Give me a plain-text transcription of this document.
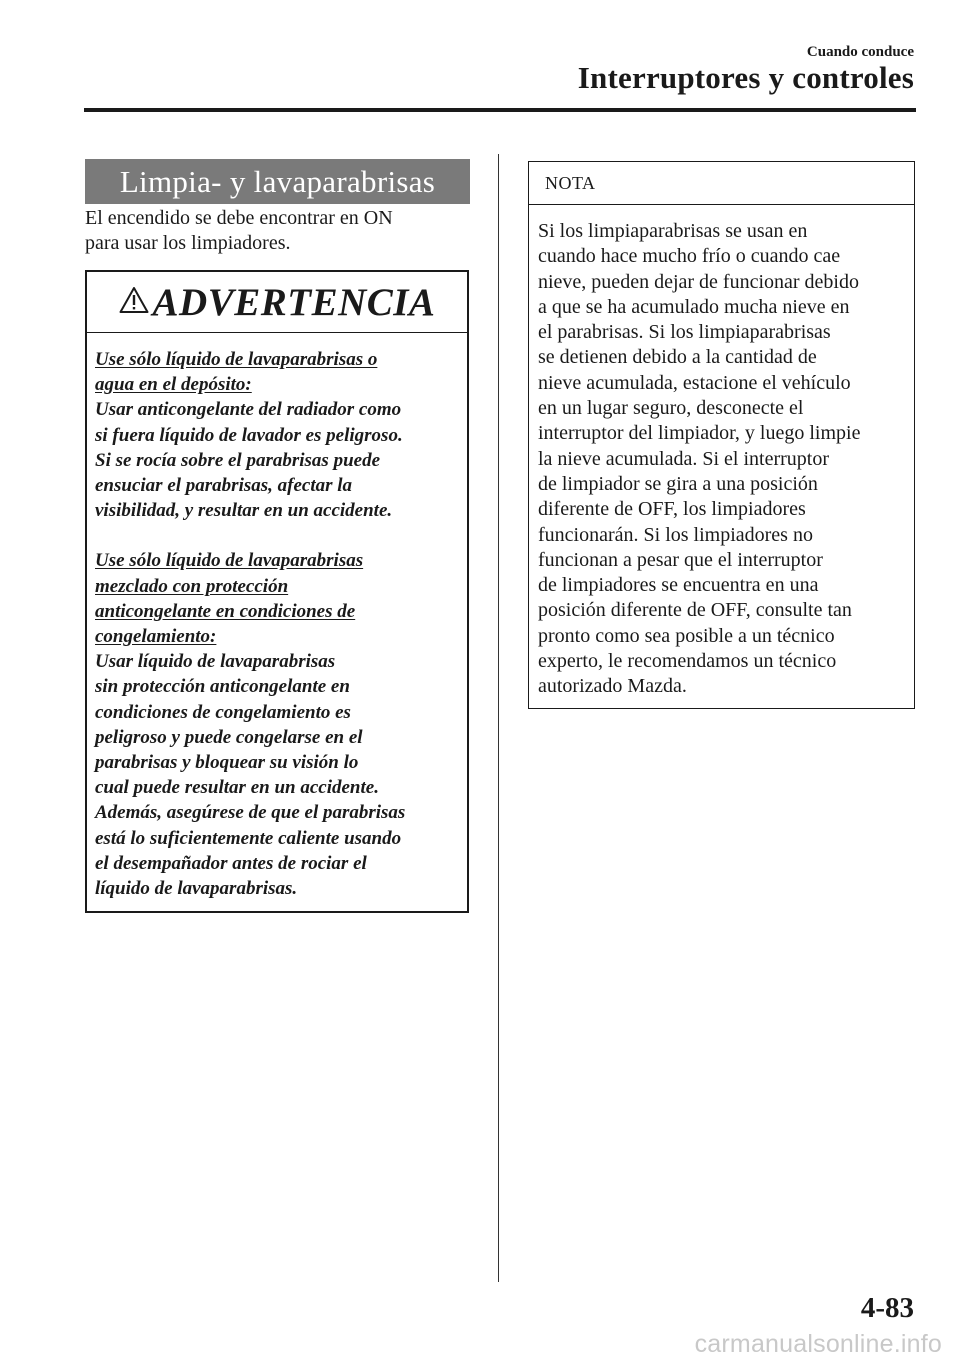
Cuando conduce
Interruptores y controles
Limpia- y lavaparabrisas
El encendido se debe encontrar en ON
para usar los limpiadores.
ADVERTENCIA

Use sólo líquido de lavaparabrisas o

agua en el depósito:

Usar anticongelante del radiador como

si fuera líquido de lavador es peligroso.

Si se rocía sobre el parabrisas puede

ensuciar el parabrisas, afectar la

visibilidad, y resultar en un accidente.

Use sólo líquido de lavaparabrisas

mezclado con protección

anticongelante en condiciones de

congelamiento:

Usar líquido de lavaparabrisas

sin protección anticongelante en

condiciones de congelamiento es

peligroso y puede congelarse en el

parabrisas y bloquear su visión lo

cual puede resultar en un accidente.

Además, asegúrese de que el parabrisas

está lo suficientemente caliente usando

el desempañador antes de rociar el

líquido de lavaparabrisas.

NOTA
Si los limpiaparabrisas se usan en
cuando hace mucho frío o cuando cae
nieve, pueden dejar de funcionar debido
a que se ha acumulado mucha nieve en
el parabrisas. Si los limpiaparabrisas
se detienen debido a la cantidad de
nieve acumulada, estacione el vehículo
en un lugar seguro, desconecte el
interruptor del limpiador, y luego limpie
la nieve acumulada. Si el interruptor
de limpiador se gira a una posición
diferente de OFF, los limpiadores
funcionarán. Si los limpiadores no
funcionan a pesar que el interruptor
de limpiadores se encuentra en una
posición diferente de OFF, consulte tan
pronto como sea posible a un técnico
experto, le recomendamos un técnico
autorizado Mazda.
4-83
carmanualsonline.info
